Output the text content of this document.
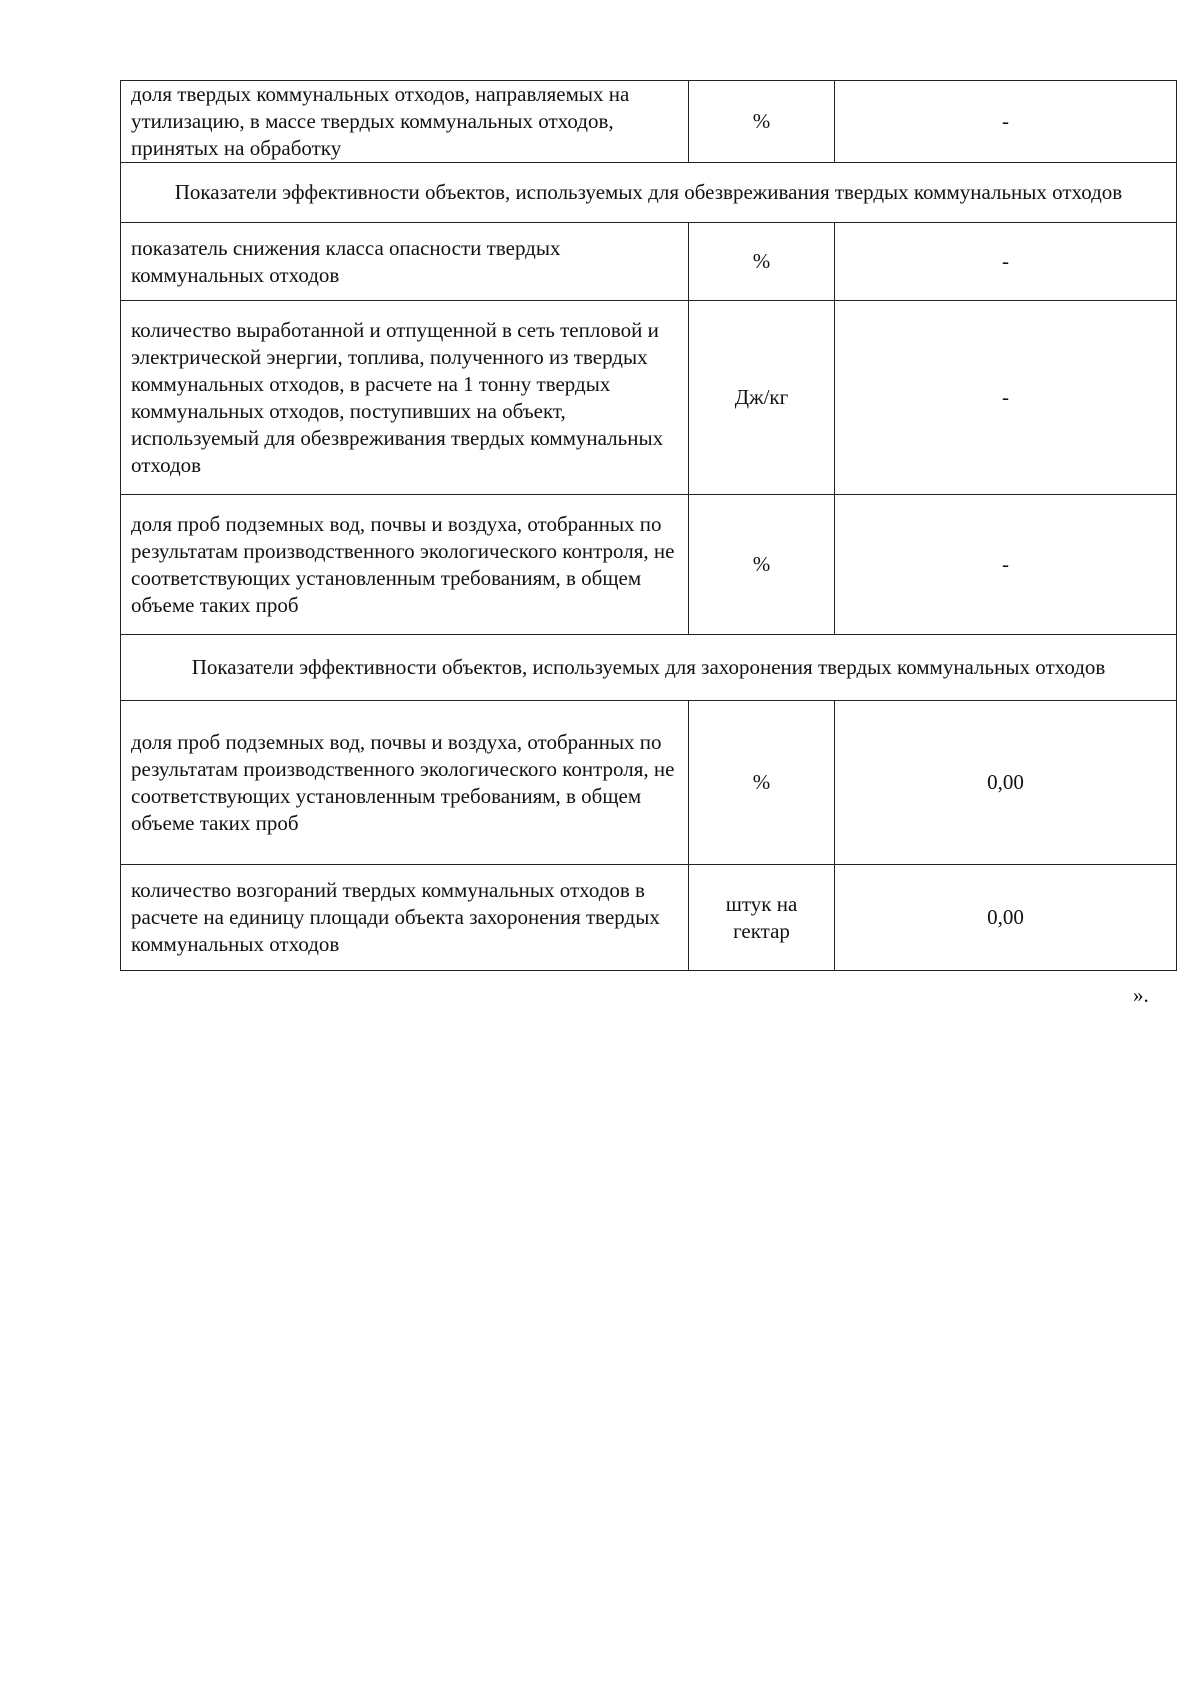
доля твердых коммунальных отходов, направляемых на утилизацию, в массе твердых коммунальных отходов, принятых на обработку	%	-
Показатели эффективности объектов, используемых для обезвреживания твердых коммунальных отходов		
показатель снижения класса опасности твердых коммунальных отходов	%	-
количество выработанной и отпущенной в сеть тепловой и электрической энергии, топлива, полученного из твердых коммунальных отходов, в расчете на 1 тонну твердых коммунальных отходов, поступивших на объект, используемый для обезвреживания твердых коммунальных отходов	Дж/кг	-
доля проб подземных вод, почвы и воздуха, отобранных по результатам производственного экологического контроля, не соответствующих установленным требованиям, в общем объеме таких проб	%	-
Показатели эффективности объектов, используемых для захоронения твердых коммунальных отходов		
доля проб подземных вод, почвы и воздуха, отобранных по результатам производственного экологического контроля, не соответствующих установленным требованиям, в общем объеме таких проб	%	0,00
количество возгораний твердых коммунальных отходов в расчете на единицу площади объекта захоронения твердых коммунальных отходов	штук на гектар	0,00
».
